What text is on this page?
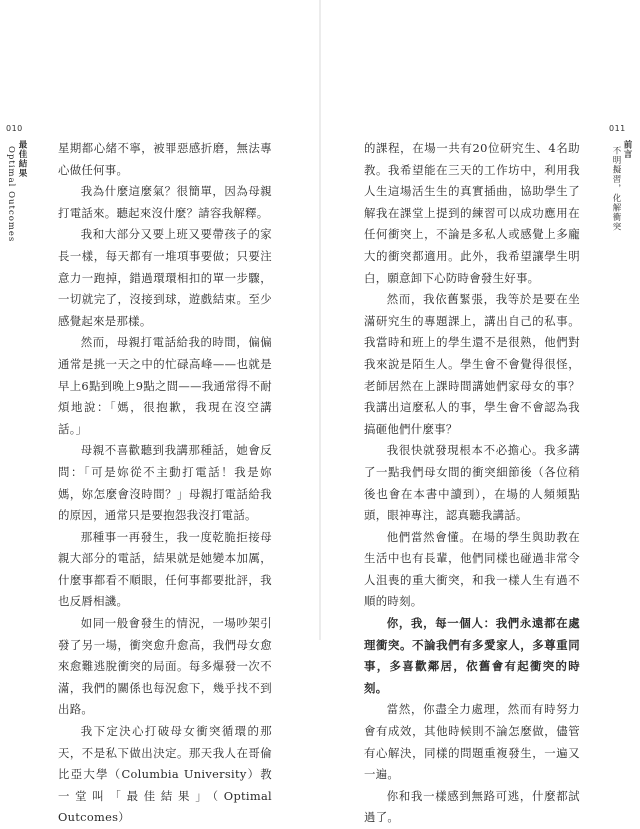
010
最佳結果
Optimal Outcomes	星期都心緒不寧，被罪惡感折磨，無法專心做任何事。

我為什麼這麼氣？很簡單，因為母親打電話來。聽起來沒什麼？請容我解釋。

我和大部分又要上班又要帶孩子的家長一樣，每天都有一堆項事要做；只要注意力一跑掉，錯過環環相扣的單一步驟，一切就完了，沒接到球，遊戲結束。至少感覺起來是那樣。

然而，母親打電話給我的時間，偏偏通常是挑一天之中的忙碌高峰——也就是早上6點到晚上9點之間——我通常得不耐煩地說：「媽，很抱歉，我現在沒空講話。」

母親不喜歡聽到我講那種話，她會反問：「可是妳從不主動打電話！我是妳媽，妳怎麼會沒時間？」母親打電話給我的原因，通常只是要抱怨我沒打電話。

那種事一再發生，我一度乾脆拒接母親大部分的電話，結果就是她變本加厲，什麼事都看不順眼，任何事都要批評，我也反脣相譏。

如同一般會發生的情況，一場吵架引發了另一場，衝突愈升愈高，我們母女愈來愈難逃脫衝突的局面。每多爆發一次不滿，我們的關係也每況愈下，幾乎找不到出路。

我下定決心打破母女衝突循環的那天，不是私下做出決定。那天我人在哥倫比亞大學（Columbia University）教一堂叫「最佳結果」（Optimal Outcomes）

011
前言
不明擬習，化解衝突

的課程，在場一共有20位研究生、4名助教。我希望能在三天的工作坊中，利用我人生這場活生生的真實插曲，協助學生了解我在課堂上提到的練習可以成功應用在任何衝突上，不論是多私人或感覺上多龐大的衝突都適用。此外，我希望讓學生明白，願意卸下心防時會發生好事。

然而，我依舊緊張，我等於是要在坐滿研究生的專題課上，講出自己的私事。我當時和班上的學生還不是很熟，他們對我來說是陌生人。學生會不會覺得很怪，老師居然在上課時間講她們家母女的事？我講出這麼私人的事，學生會不會認為我搞砸他們什麼事？

我很快就發現根本不必擔心。我多講了一點我們母女間的衝突細節後（各位稍後也會在本書中讀到），在場的人頻頻點頭，眼神專注，認真聽我講話。

他們當然會懂。在場的學生與助教在生活中也有長輩，他們同樣也碰過非常令人沮喪的重大衝突，和我一樣人生有過不順的時刻。

你，我，每一個人：我們永遠都在處理衝突。不論我們有多愛家人，多尊重同事，多喜歡鄰居，依舊會有起衝突的時刻。

當然，你盡全力處理，然而有時努力會有成效，其他時候則不論怎麼做，儘管有心解決，同樣的問題重複發生，一遍又一遍。

你和我一樣感到無路可逃，什麼都試過了。
